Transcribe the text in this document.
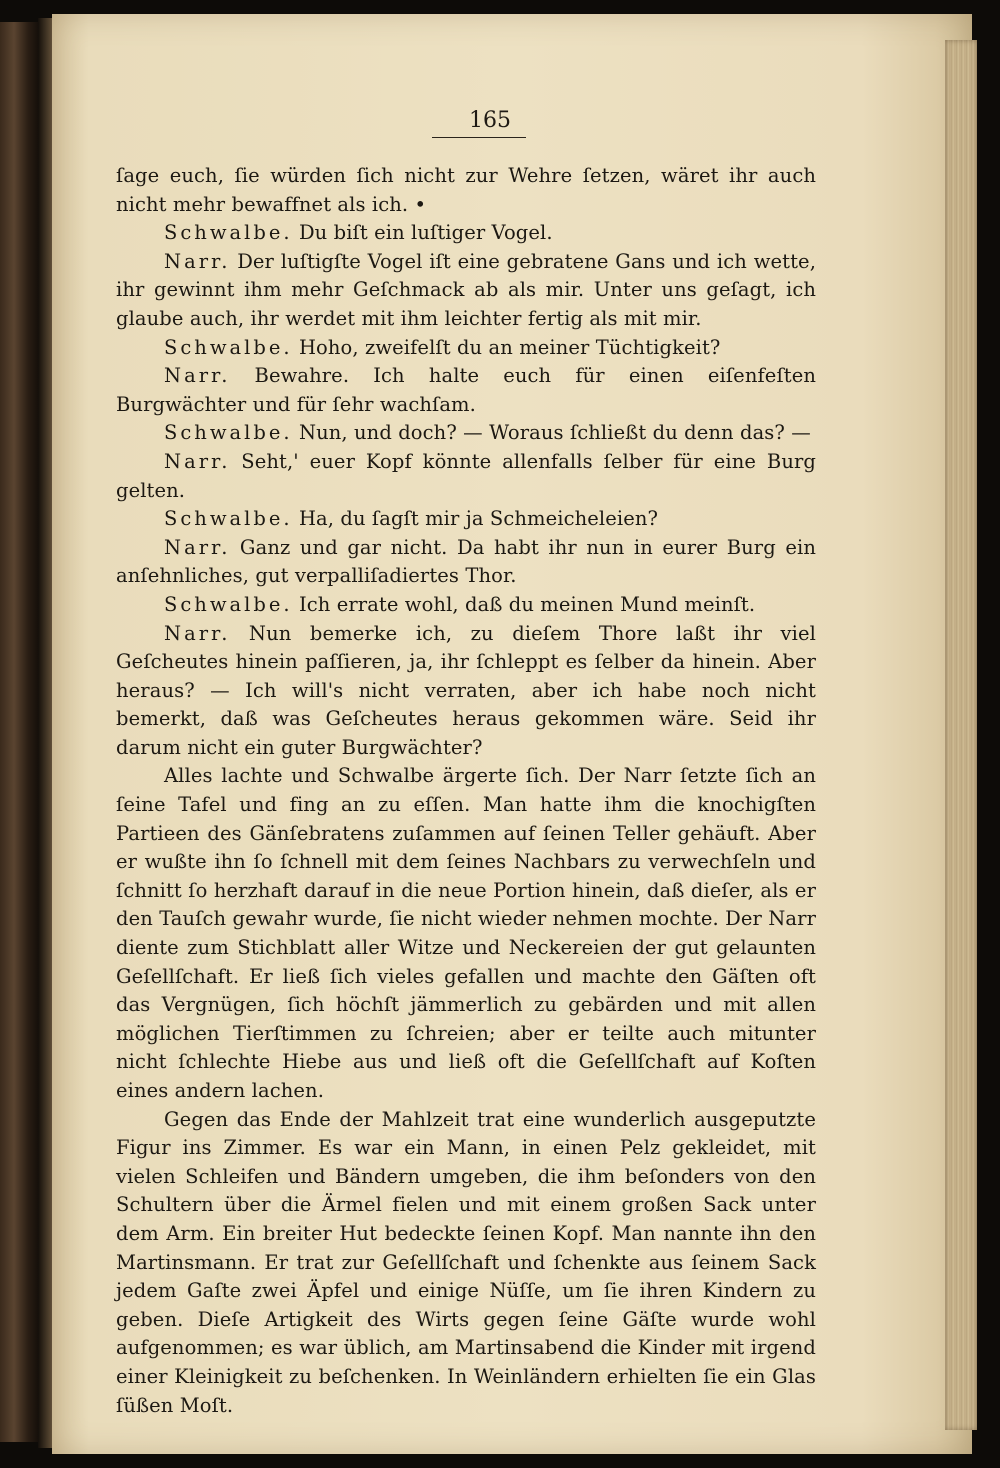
165

ſage euch, ſie würden ſich nicht zur Wehre ſetzen, wäret ihr auch nicht mehr bewaffnet als ich. •

Schwalbe. Du biſt ein luſtiger Vogel.

Narr. Der luſtigſte Vogel iſt eine gebratene Gans und ich wette, ihr gewinnt ihm mehr Geſchmack ab als mir. Unter uns geſagt, ich glaube auch, ihr werdet mit ihm leichter fertig als mit mir.

Schwalbe. Hoho, zweifelſt du an meiner Tüchtigkeit?

Narr. Bewahre. Ich halte euch für einen eiſenfeſten Burgwächter und für ſehr wachſam.

Schwalbe. Nun, und doch? — Woraus ſchließt du denn das? —

Narr. Seht,' euer Kopf könnte allenfalls ſelber für eine Burg gelten.

Schwalbe. Ha, du ſagſt mir ja Schmeicheleien?

Narr. Ganz und gar nicht. Da habt ihr nun in eurer Burg ein anſehnliches, gut verpalliſadiertes Thor.

Schwalbe. Ich errate wohl, daß du meinen Mund meinſt.

Narr. Nun bemerke ich, zu dieſem Thore laßt ihr viel Geſcheutes hinein paſſieren, ja, ihr ſchleppt es ſelber da hinein. Aber heraus? — Ich will's nicht verraten, aber ich habe noch nicht bemerkt, daß was Geſcheutes heraus gekommen wäre. Seid ihr darum nicht ein guter Burgwächter?

Alles lachte und Schwalbe ärgerte ſich. Der Narr ſetzte ſich an ſeine Tafel und fing an zu eſſen. Man hatte ihm die knochigſten Partieen des Gänſebratens zuſammen auf ſeinen Teller gehäuft. Aber er wußte ihn ſo ſchnell mit dem ſeines Nachbars zu verwechſeln und ſchnitt ſo herzhaft darauf in die neue Portion hinein, daß dieſer, als er den Tauſch gewahr wurde, ſie nicht wieder nehmen mochte. Der Narr diente zum Stichblatt aller Witze und Neckereien der gut gelaunten Geſellſchaft. Er ließ ſich vieles gefallen und machte den Gäſten oft das Vergnügen, ſich höchſt jämmerlich zu gebärden und mit allen möglichen Tierſtimmen zu ſchreien; aber er teilte auch mitunter nicht ſchlechte Hiebe aus und ließ oft die Geſellſchaft auf Koſten eines andern lachen.

Gegen das Ende der Mahlzeit trat eine wunderlich ausgeputzte Figur ins Zimmer. Es war ein Mann, in einen Pelz gekleidet, mit vielen Schleifen und Bändern umgeben, die ihm beſonders von den Schultern über die Ärmel fielen und mit einem großen Sack unter dem Arm. Ein breiter Hut bedeckte ſeinen Kopf. Man nannte ihn den Martinsmann. Er trat zur Geſellſchaft und ſchenkte aus ſeinem Sack jedem Gaſte zwei Äpfel und einige Nüſſe, um ſie ihren Kindern zu geben. Dieſe Artigkeit des Wirts gegen ſeine Gäſte wurde wohl aufgenommen; es war üblich, am Martinsabend die Kinder mit irgend einer Kleinigkeit zu beſchenken. In Weinländern erhielten ſie ein Glas ſüßen Moſt.
